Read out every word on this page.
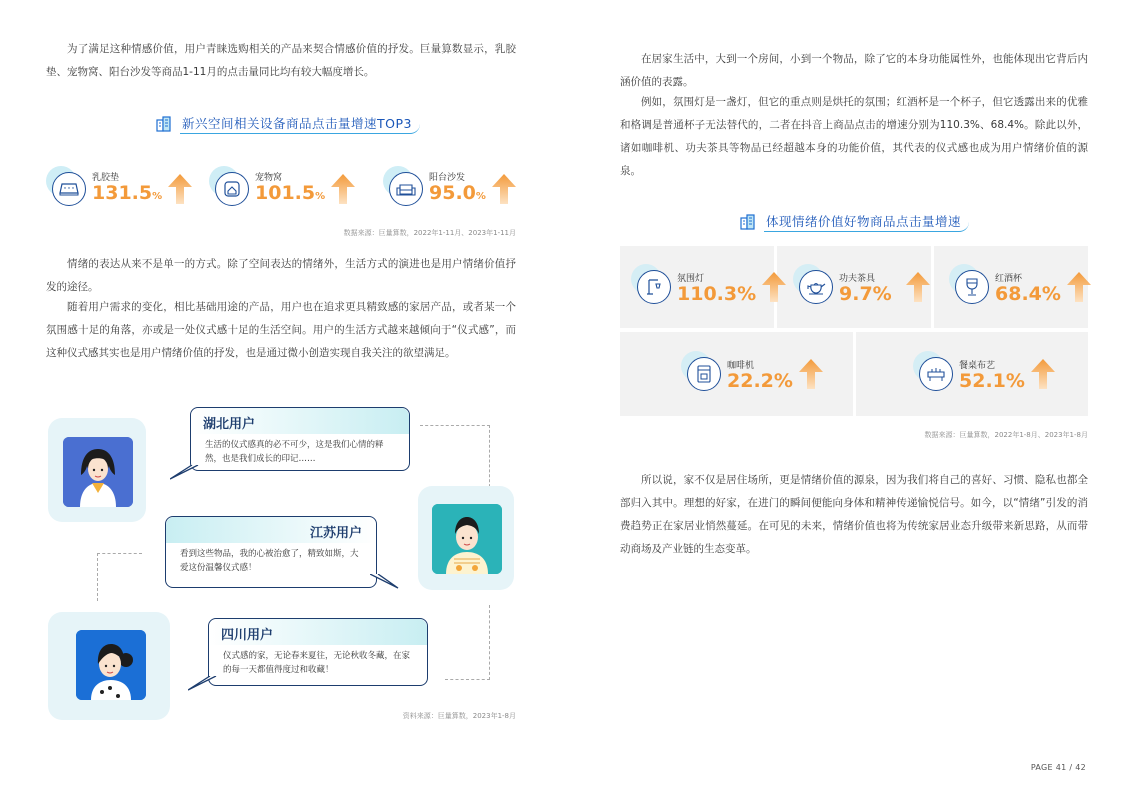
为了满足这种情感价值，用户青睐选购相关的产品来契合情感价值的抒发。巨量算数显示，乳胶垫、宠物窝、阳台沙发等商品1-11月的点击量同比均有较大幅度增长。

新兴空间相关设备商品点击量增速TOP3
乳胶垫
131.5%
宠物窝
101.5%
阳台沙发
95.0%
数据来源：巨量算数，2022年1-11月、2023年1-11月

情绪的表达从来不是单一的方式。除了空间表达的情绪外，生活方式的演进也是用户情绪价值抒发的途径。

随着用户需求的变化，相比基础用途的产品，用户也在追求更具精致感的家居产品，或者某一个氛围感十足的角落，亦或是一处仪式感十足的生活空间。用户的生活方式越来越倾向于“仪式感”，而这种仪式感其实也是用户情绪价值的抒发，也是通过微小创造实现自我关注的欲望满足。

湖北用户
生活的仪式感真的必不可少，这是我们心情的释然，也是我们成长的印记……
江苏用户
看到这些物品，我的心被治愈了，精致如斯，大爱这份温馨仪式感！
四川用户
仪式感的家，无论春来夏往，无论秋收冬藏，在家的每一天都值得度过和收藏！
资料来源：巨量算数，2023年1-8月

在居家生活中，大到一个房间，小到一个物品，除了它的本身功能属性外，也能体现出它背后内涵价值的表露。

例如，氛围灯是一盏灯，但它的重点则是烘托的氛围；红酒杯是一个杯子，但它透露出来的优雅和格调是普通杯子无法替代的，二者在抖音上商品点击的增速分别为110.3%、68.4%。除此以外，诸如咖啡机、功夫茶具等物品已经超越本身的功能价值，其代表的仪式感也成为用户情绪价值的源泉。

体现情绪价值好物商品点击量增速
氛围灯
110.3%
功夫茶具
9.7%
红酒杯
68.4%
咖啡机
22.2%
餐桌布艺
52.1%
数据来源：巨量算数，2022年1-8月、2023年1-8月

所以说，家不仅是居住场所，更是情绪价值的源泉，因为我们将自己的喜好、习惯、隐私也都全部归入其中。理想的好家，在进门的瞬间便能向身体和精神传递愉悦信号。如今，以“情绪”引发的消费趋势正在家居业悄然蔓延。在可见的未来，情绪价值也将为传统家居业态升级带来新思路，从而带动商场及产业链的生态变革。

PAGE 41 / 42
